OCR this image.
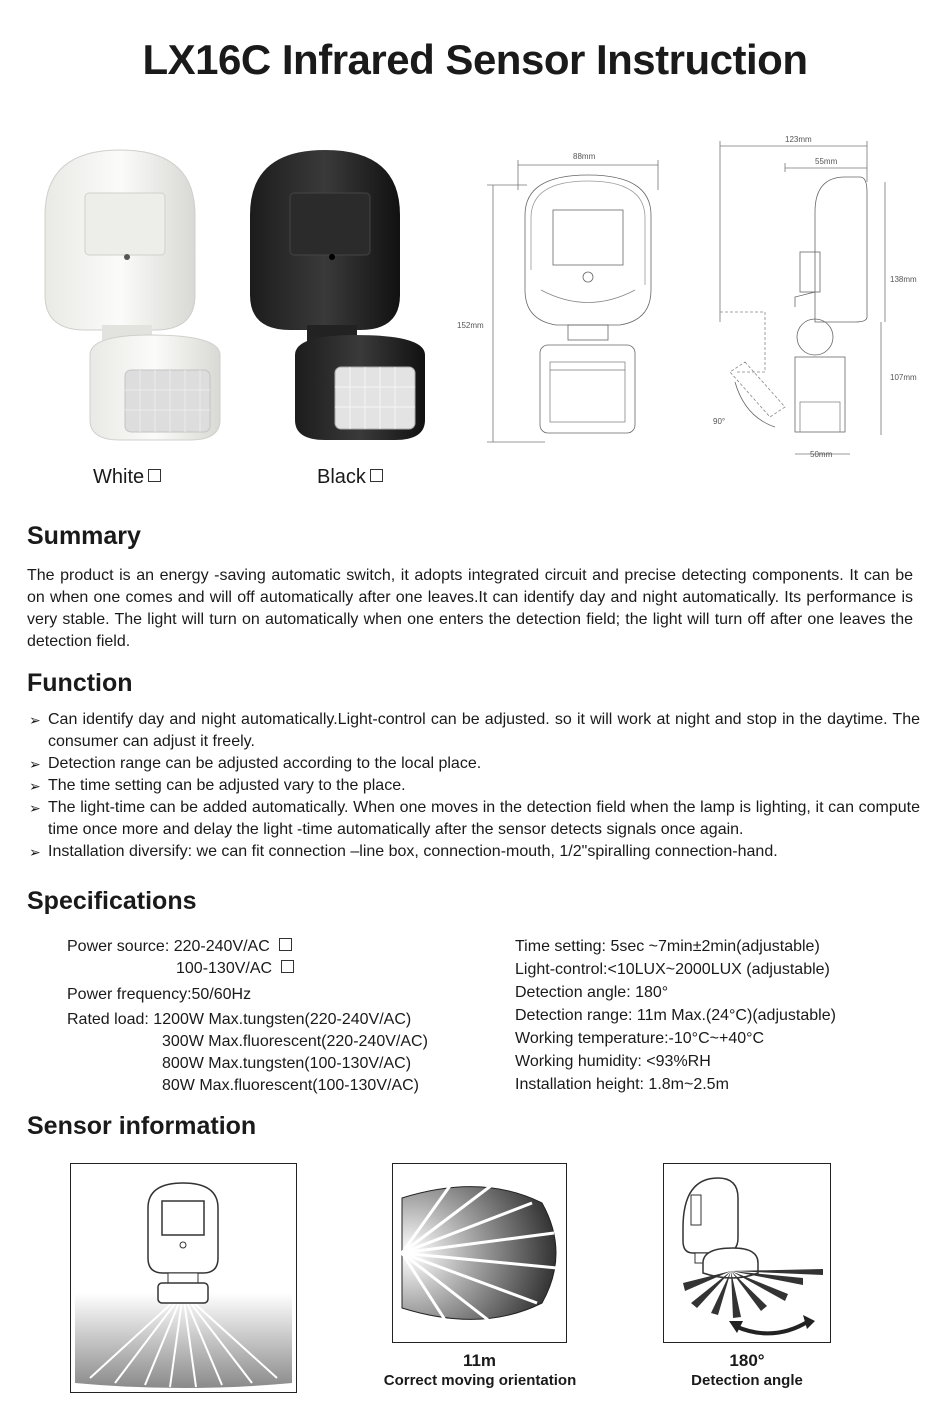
LX16C Infrared Sensor Instruction
White	Black
88mm
152mm
123mm
55mm
138mm
107mm
50mm
90°
Summary
The product is an energy -saving automatic switch, it adopts integrated circuit and precise detecting components. It can be on when one comes and will off automatically after one leaves.It can identify day and night automatically. Its performance is very stable. The light will turn on automatically when one enters the detection field; the light will turn off after one leaves the detection field.
Function
➢ Can identify day and night automatically.Light-control can be adjusted. so it will work at night and stop in the daytime. The consumer can adjust it freely.
➢ Detection range can be adjusted according to the local place.
➢ The time setting can be adjusted vary to the place.
➢ The light-time can be added automatically. When one moves in the detection field when the lamp is lighting, it can compute time once more and delay the light -time automatically after the sensor detects signals once again.
➢ Installation diversify: we can fit connection –line box, connection-mouth, 1/2"spiralling connection-hand.
Specifications
Power source: 220-240V/AC
100-130V/AC
Power frequency:50/60Hz
Rated load: 1200W Max.tungsten(220-240V/AC)
300W Max.fluorescent(220-240V/AC)
800W Max.tungsten(100-130V/AC)
80W Max.fluorescent(100-130V/AC)
Time setting: 5sec ~7min±2min(adjustable)
Light-control:<10LUX~2000LUX (adjustable)
Detection angle: 180°
Detection range: 11m Max.(24°C)(adjustable)
Working temperature:-10°C~+40°C
Working humidity: <93%RH
Installation height: 1.8m~2.5m
Sensor information
11m
Correct moving orientation
180°
Detection angle
